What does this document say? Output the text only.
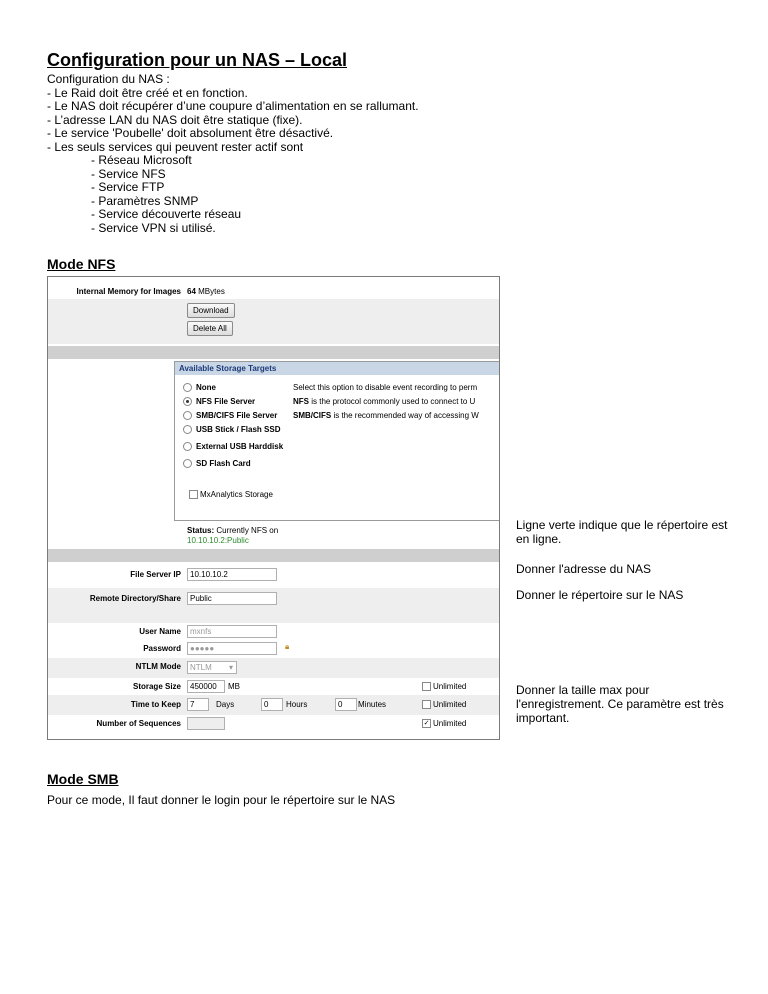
Configuration pour un NAS – Local
Configuration du NAS :
- Le Raid doit être créé et en fonction.
- Le NAS doit récupérer d’une coupure d’alimentation en se rallumant.
- L’adresse LAN du NAS doit être statique (fixe).
- Le service 'Poubelle' doit absolument être désactivé.
- Les seuls services qui peuvent rester actif sont
- Réseau Microsoft
- Service NFS
- Service FTP
- Paramètres SNMP
- Service découverte réseau
- Service VPN si utilisé.
Mode NFS
Internal Memory for Images 64 MBytes
Download
Delete All
Available Storage Targets
None	Select this option to disable event recording to perm
NFS File Server	NFS is the protocol commonly used to connect to U
SMB/CIFS File Server SMB/CIFS is the recommended way of accessing W
USB Stick / Flash SSD
External USB Harddisk
SD Flash Card
MxAnalytics Storage
Status: Currently NFS on
10.10.10.2:Public
File Server IP	10.10.10.2
Remote Directory/Share	Public
User Name	mxnfs
Password	●●●●●	🔒︎
NTLM Mode	NTLM ▾
Storage Size	450000	MB	Unlimited
Time to Keep	7	Days	0	Hours	0	Minutes	Unlimited
Number of Sequences	✓ Unlimited
Ligne verte indique que le répertoire est en ligne.
Donner l'adresse du NAS
Donner le répertoire sur le NAS
Donner la taille max pour l'enregistrement. Ce paramètre est très important.
Mode SMB
Pour ce mode, Il faut donner le login pour le répertoire sur le NAS
